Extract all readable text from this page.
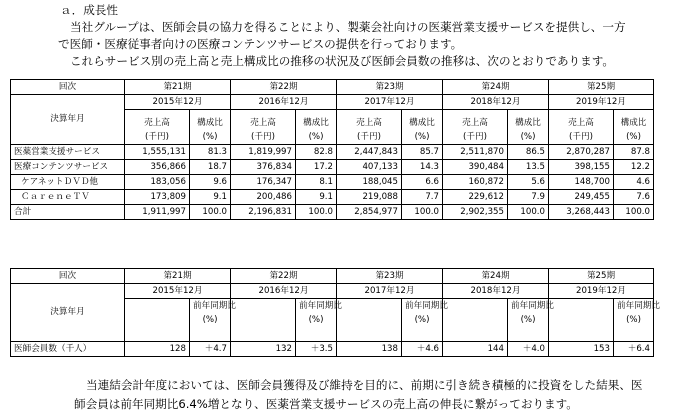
ａ．成長性
当社グループは、医師会員の協力を得ることにより、製薬会社向けの医薬営業支援サービスを提供し、一方
で医師・医療従事者向けの医療コンテンツサービスの提供を行っております。
これらサービス別の売上高と売上構成比の推移の状況及び医師会員数の推移は、次のとおりであります。
回次	第21期		第22期		第23期		第24期		第25期	
決算年月	2015年12月		2016年12月		2017年12月		2018年12月		2019年12月	
	売上高	構成比	売上高	構成比	売上高	構成比	売上高	構成比	売上高	構成比
	(千円)	(%)	(千円)	(%)	(千円)	(%)	(千円)	(%)	(千円)	(%)
医薬営業支援サービス	1,555,131	81.3	1,819,997	82.8	2,447,843	85.7	2,511,870	86.5	2,870,287	87.8
医療コンテンツサービス	356,866	18.7	376,834	17.2	407,133	14.3	390,484	13.5	398,155	12.2
ケアネットＤＶＤ他	183,056	9.6	176,347	8.1	188,045	6.6	160,872	5.6	148,700	4.6
ＣａｒｅｎｅＴＶ	173,809	9.1	200,486	9.1	219,088	7.7	229,612	7.9	249,455	7.6
合計	1,911,997	100.0	2,196,831	100.0	2,854,977	100.0	2,902,355	100.0	3,268,443	100.0
回次	第21期		第22期		第23期		第24期		第25期	
決算年月	2015年12月		2016年12月		2017年12月		2018年12月		2019年12月	
		前年同期比		前年同期比		前年同期比		前年同期比		前年同期比
		(%)		(%)		(%)		(%)		(%)

医師会員数（千人）	128	＋4.7	132	＋3.5	138	＋4.6	144	＋4.0	153	＋6.4
当連結会計年度においては、医師会員獲得及び維持を目的に、前期に引き続き積極的に投資をした結果、医
師会員は前年同期比6.4%増となり、医薬営業支援サービスの売上高の伸長に繋がっております。
